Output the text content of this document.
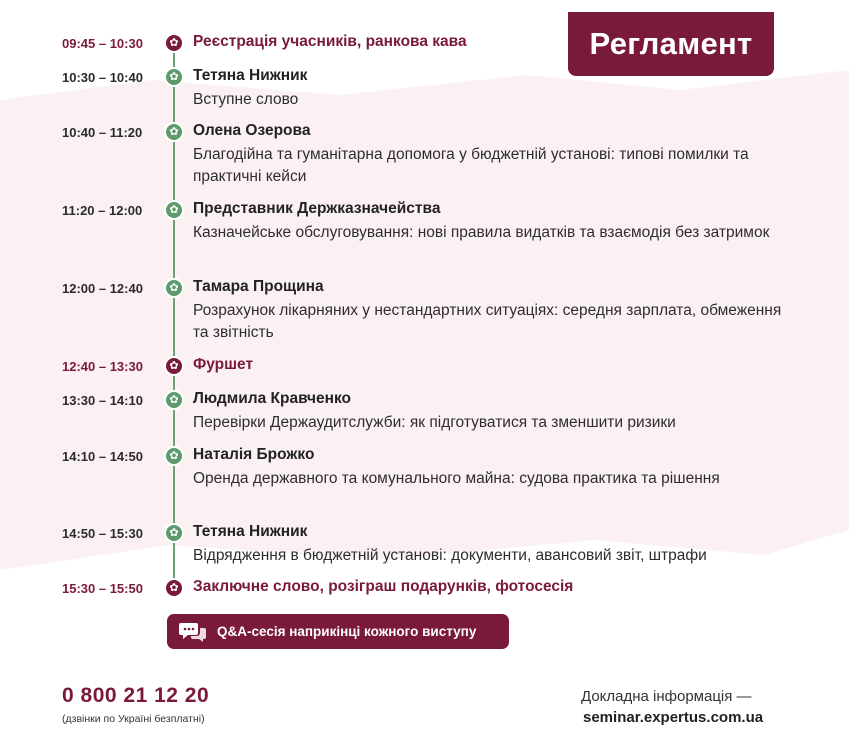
Регламент
09:45 – 10:30	✿ Реєстрація учасників, ранкова кава
10:30 – 10:40	✿ Тетяна Нижник
Вступне слово
10:40 – 11:20	✿ Олена Озерова
Благодійна та гуманітарна допомога у бюджетній установі: типові помилки та практичні кейси
11:20 – 12:00	✿ Представник Держказначейства
Казначейське обслуговування: нові правила видатків та взаємодія без затримок
12:00 – 12:40	✿ Тамара Прощина
Розрахунок лікарняних у нестандартних ситуаціях: середня зарплата, обмеження та звітність
12:40 – 13:30	✿ Фуршет
13:30 – 14:10	✿ Людмила Кравченко
Перевірки Держаудитслужби: як підготуватися та зменшити ризики
14:10 – 14:50	✿ Наталія Брожко
Оренда державного та комунального майна: судова практика та рішення
14:50 – 15:30	✿ Тетяна Нижник
Відрядження в бюджетній установі: документи, авансовий звіт, штрафи
15:30 – 15:50	✿ Заключне слово, розіграш подарунків, фотосесія
Q&A-сесія наприкінці кожного виступу
0 800 21 12 20
(дзвінки по Україні безплатні)
Докладна інформація —
seminar.expertus.com.ua
